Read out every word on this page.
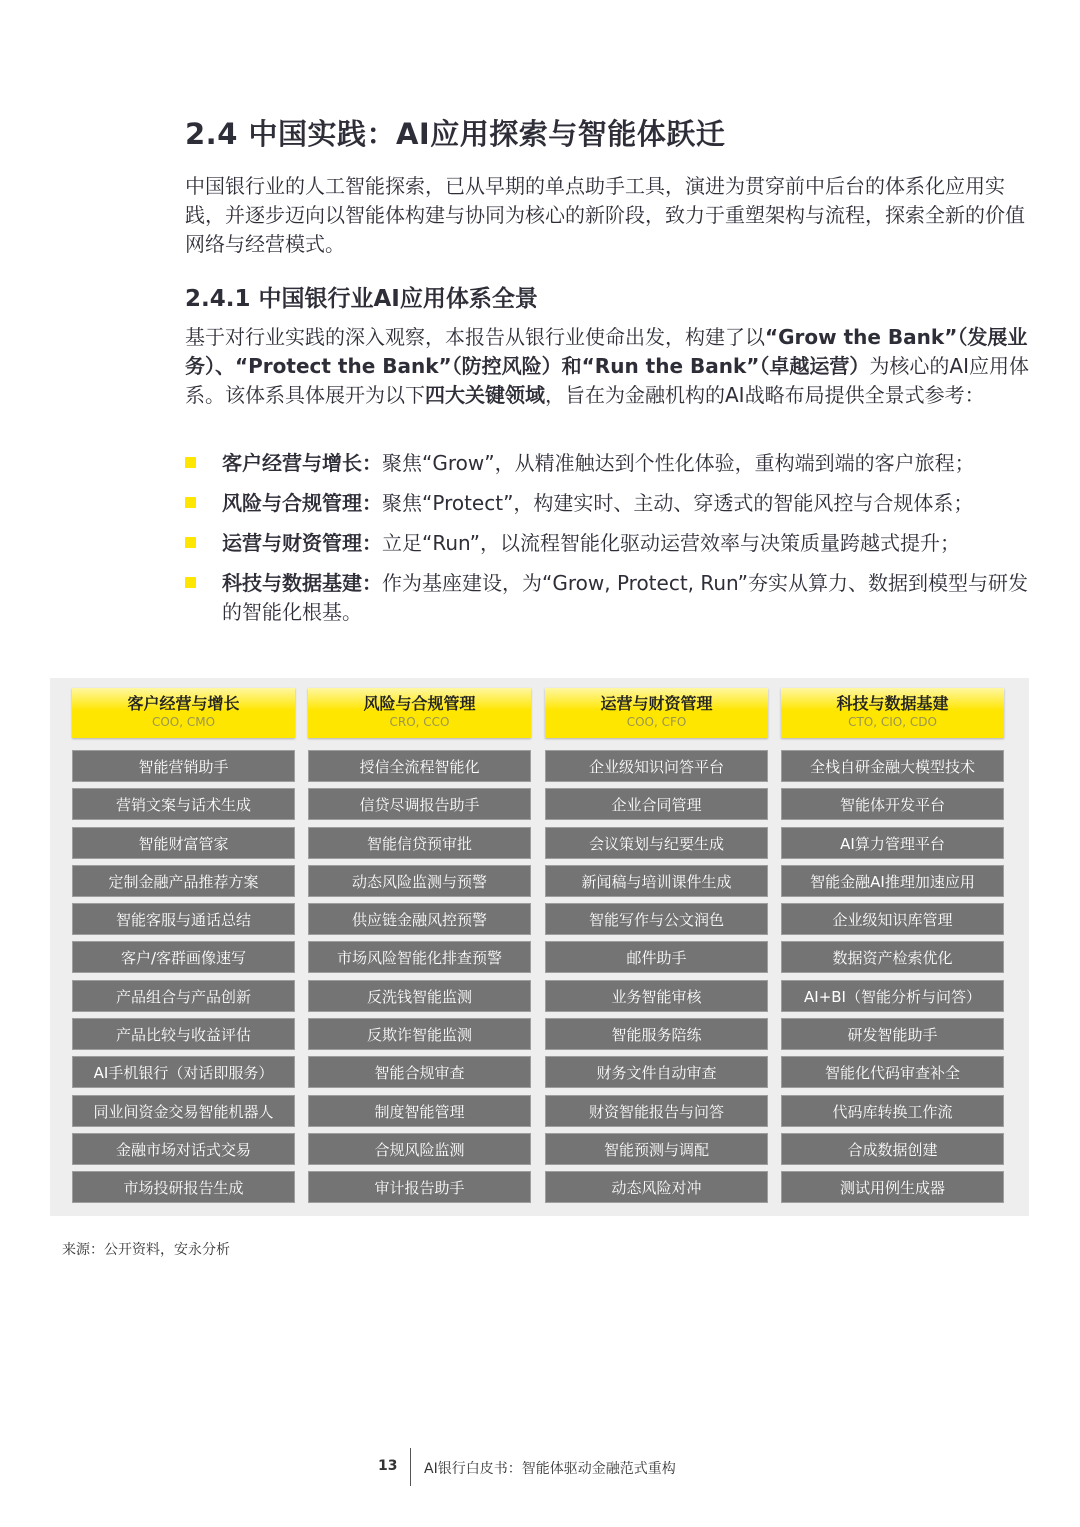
2.4 中国实践：AI应用探索与智能体跃迁

中国银行业的人工智能探索，已从早期的单点助手工具，演进为贯穿前中后台的体系化应用实践，并逐步迈向以智能体构建与协同为核心的新阶段，致力于重塑架构与流程，探索全新的价值网络与经营模式。

2.4.1 中国银行业AI应用体系全景

基于对行业实践的深入观察，本报告从银行业使命出发，构建了以“Grow the Bank”（发展业务）、“Protect the Bank”（防控风险）和“Run the Bank”（卓越运营）为核心的AI应用体系。该体系具体展开为以下四大关键领域，旨在为金融机构的AI战略布局提供全景式参考：

客户经营与增长：聚焦“Grow”，从精准触达到个性化体验，重构端到端的客户旅程；
风险与合规管理：聚焦“Protect”，构建实时、主动、穿透式的智能风控与合规体系；
运营与财资管理：立足“Run”，以流程智能化驱动运营效率与决策质量跨越式提升；
科技与数据基建：作为基座建设，为“Grow, Protect, Run”夯实从算力、数据到模型与研发的智能化根基。
客户经营与增长
COO, CMO
智能营销助手
营销文案与话术生成
智能财富管家
定制金融产品推荐方案
智能客服与通话总结
客户/客群画像速写
产品组合与产品创新
产品比较与收益评估
AI手机银行（对话即服务）
同业间资金交易智能机器人
金融市场对话式交易
市场投研报告生成
风险与合规管理
CRO, CCO
授信全流程智能化
信贷尽调报告助手
智能信贷预审批
动态风险监测与预警
供应链金融风控预警
市场风险智能化排查预警
反洗钱智能监测
反欺诈智能监测
智能合规审查
制度智能管理
合规风险监测
审计报告助手
运营与财资管理
COO, CFO
企业级知识问答平台
企业合同管理
会议策划与纪要生成
新闻稿与培训课件生成
智能写作与公文润色
邮件助手
业务智能审核
智能服务陪练
财务文件自动审查
财资智能报告与问答
智能预测与调配
动态风险对冲
科技与数据基建
CTO, CIO, CDO
全栈自研金融大模型技术
智能体开发平台
AI算力管理平台
智能金融AI推理加速应用
企业级知识库管理
数据资产检索优化
AI+BI（智能分析与问答）
研发智能助手
智能化代码审查补全
代码库转换工作流
合成数据创建
测试用例生成器
来源：公开资料，安永分析
13 AI银行白皮书：智能体驱动金融范式重构
